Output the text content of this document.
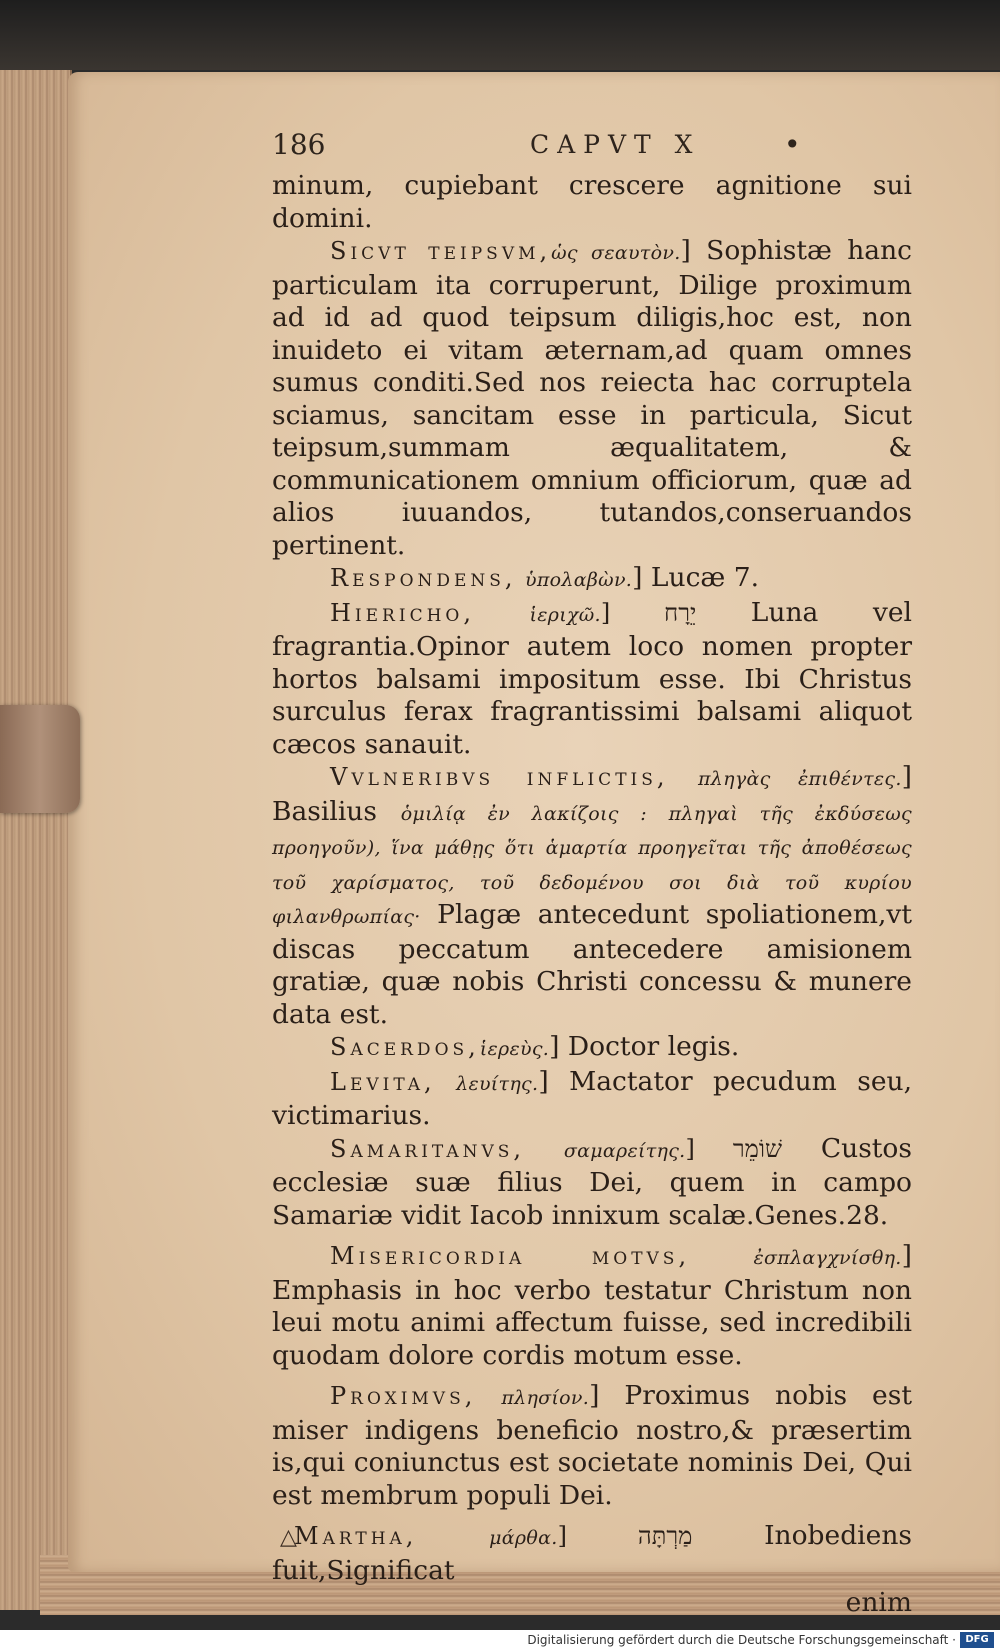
186	CAPVT X	•

minum, cupiebant crescere agnitione sui domini.

Sicvt teipsvm,ὡς σεαυτὸν.] Sophistæ hanc particulam ita corruperunt, Dilige proximum ad id ad quod teipsum diligis,hoc est, non inuideto ei vitam æternam,ad quam omnes sumus conditi.Sed nos reiecta hac corruptela sciamus, sancitam esse in particula, Sicut teipsum,summam æqualitatem, & communicationem omnium officiorum, quæ ad alios iuuandos, tutandos,conseruandos pertinent.

Respondens, ὑπολαβὼν.] Lucæ 7.

Hiericho,	ἱεριχῶ.] יֵרָח Luna vel fragrantia.Opinor autem loco nomen propter hortos balsami impositum esse. Ibi Christus surculus ferax fragrantissimi balsami aliquot cæcos sanauit.

Vvlneribvs inflictis, πληγὰς ἐπιθέντες.] Basilius ὁμιλίᾳ ἐν λακίζοις : πληγαὶ τῆς ἐκδύσεως προηγοῦν), ἵνα μάθῃς ὅτι ἁμαρτία προηγεῖται τῆς ἀποθέσεως τοῦ χαρίσματος, τοῦ δεδομένου σοι διὰ τοῦ κυρίου φιλανθρωπίας· Plagæ antecedunt spoliationem,vt discas peccatum antecedere amisionem gratiæ, quæ nobis Christi concessu & munere data est.

Sacerdos,ἱερεὺς.] Doctor legis.

Levita, λευίτης.] Mactator pecudum seu, victimarius.

Samaritanvs, σαμαρείτης.] שׁוֹמֵר Custos ecclesiæ suæ filius Dei, quem in campo Samariæ vidit Iacob innixum scalæ.Genes.28.

Misericordia motvs,	ἐσπλαγχνίσθη.] Emphasis in hoc verbo testatur Christum non leui motu animi affectum fuisse, sed incredibili quodam dolore cordis motum esse.

Proximvs, πλησίον.] Proximus nobis est miser indigens beneficio nostro,& præsertim is,qui coniunctus est societate nominis Dei, Qui est membrum populi Dei.

△Martha,	μάρθα.] מַרְתָּה Inobediens fuit,Significat

enim

Digitalisierung gefördert durch die Deutsche Forschungsgemeinschaft · DFG
